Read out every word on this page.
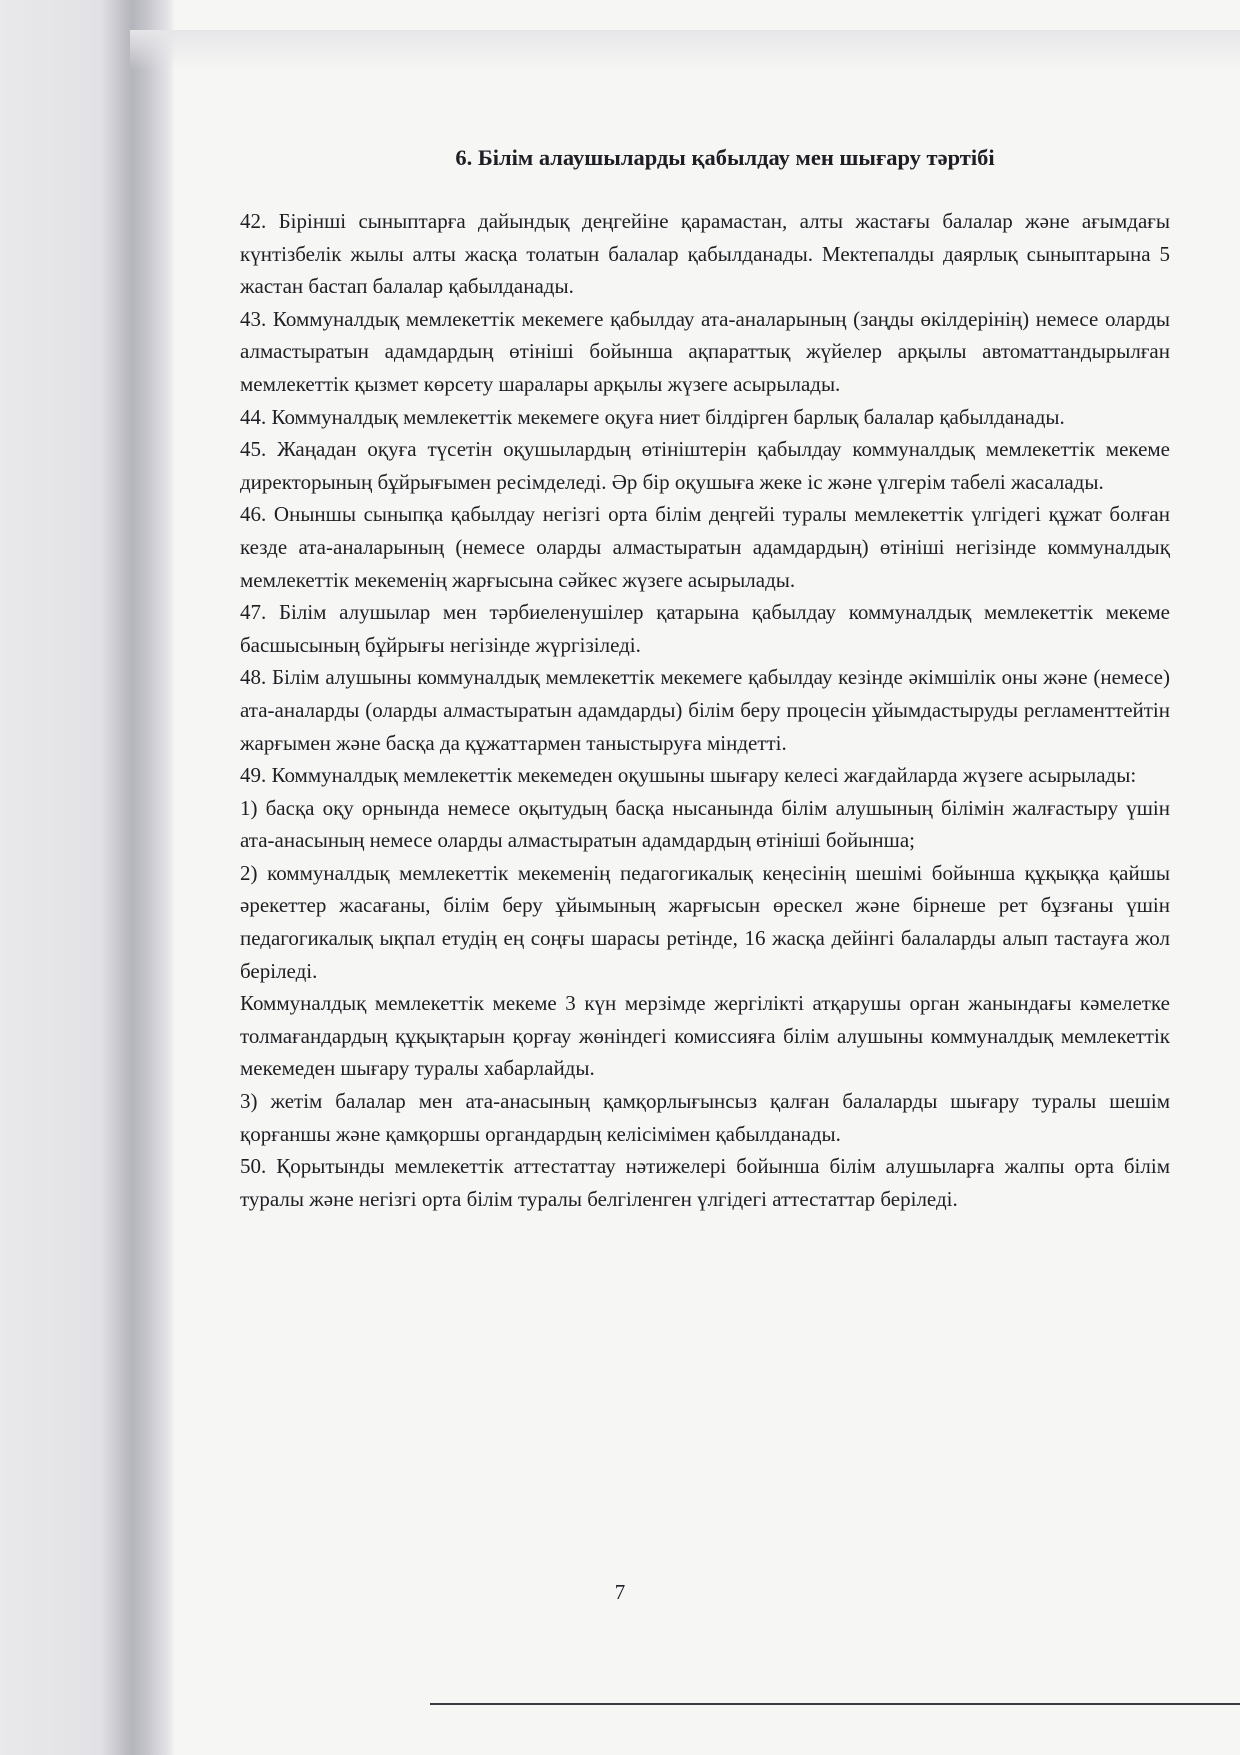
6. Білім алаушыларды қабылдау мен шығару тәртібі

42. Бірінші сыныптарға дайындық деңгейіне қарамастан, алты жастағы балалар және ағымдағы күнтізбелік жылы алты жасқа толатын балалар қабылданады. Мектепалды даярлық сыныптарына 5 жастан бастап балалар қабылданады.

43. Коммуналдық мемлекеттік мекемеге қабылдау ата-аналарының (заңды өкілдерінің) немесе оларды алмастыратын адамдардың өтініші бойынша ақпараттық жүйелер арқылы автоматтандырылған мемлекеттік қызмет көрсету шаралары арқылы жүзеге асырылады.

44. Коммуналдық мемлекеттік мекемеге оқуға ниет білдірген барлық балалар қабылданады.

45. Жаңадан оқуға түсетін оқушылардың өтініштерін қабылдау коммуналдық мемлекеттік мекеме директорының бұйрығымен ресімделеді. Әр бір оқушыға жеке іс және үлгерім табелі жасалады.

46. Оныншы сыныпқа қабылдау негізгі орта білім деңгейі туралы мемлекеттік үлгідегі құжат болған кезде ата-аналарының (немесе оларды алмастыратын адамдардың) өтініші негізінде коммуналдық мемлекеттік мекеменің жарғысына сәйкес жүзеге асырылады.

47. Білім алушылар мен тәрбиеленушілер қатарына қабылдау коммуналдық мемлекеттік мекеме басшысының бұйрығы негізінде жүргізіледі.

48. Білім алушыны коммуналдық мемлекеттік мекемеге қабылдау кезінде әкімшілік оны және (немесе) ата-аналарды (оларды алмастыратын адамдарды) білім беру процесін ұйымдастыруды регламенттейтін жарғымен және басқа да құжаттармен таныстыруға міндетті.

49. Коммуналдық мемлекеттік мекемеден оқушыны шығару келесі жағдайларда жүзеге асырылады:

1) басқа оқу орнында немесе оқытудың басқа нысанында білім алушының білімін жалғастыру үшін ата-анасының немесе оларды алмастыратын адамдардың өтініші бойынша;

2) коммуналдық мемлекеттік мекеменің педагогикалық кеңесінің шешімі бойынша құқыққа қайшы әрекеттер жасағаны, білім беру ұйымының жарғысын өрескел және бірнеше рет бұзғаны үшін педагогикалық ықпал етудің ең соңғы шарасы ретінде, 16 жасқа дейінгі балаларды алып тастауға жол беріледі.

Коммуналдық мемлекеттік мекеме 3 күн мерзімде жергілікті атқарушы орган жанындағы кәмелетке толмағандардың құқықтарын қорғау жөніндегі комиссияға білім алушыны коммуналдық мемлекеттік мекемеден шығару туралы хабарлайды.

3) жетім балалар мен ата-анасының қамқорлығынсыз қалған балаларды шығару туралы шешім қорғаншы және қамқоршы органдардың келісімімен қабылданады.

50. Қорытынды мемлекеттік аттестаттау нәтижелері бойынша білім алушыларға жалпы орта білім туралы және негізгі орта білім туралы белгіленген үлгідегі аттестаттар беріледі.

7
